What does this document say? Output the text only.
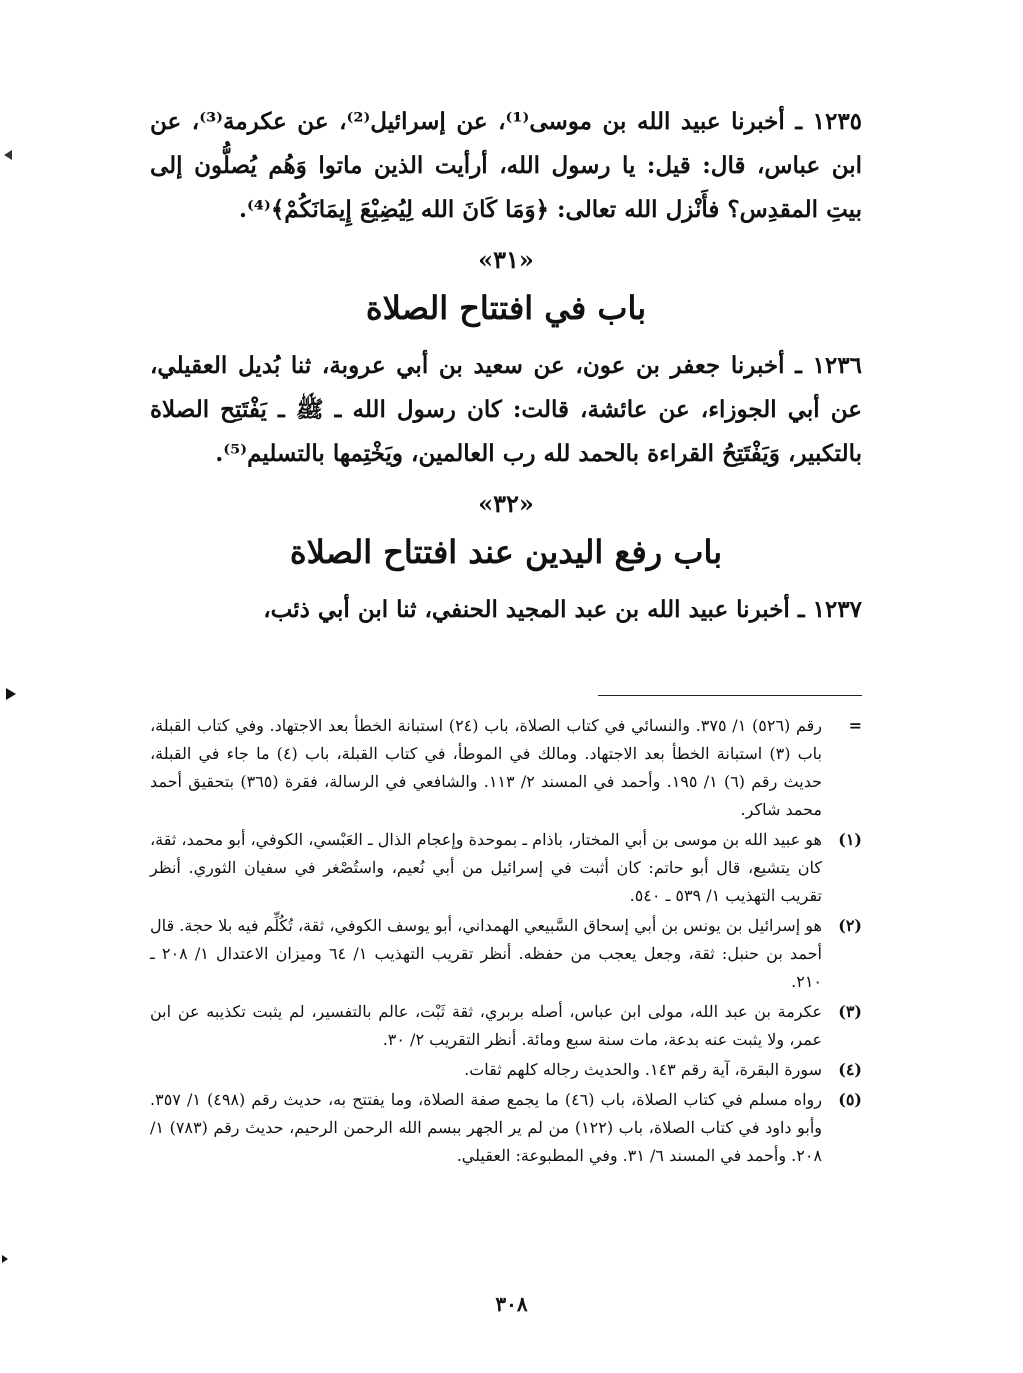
١٢٣٥ ـ أخبرنا عبيد الله بن موسى⁽¹⁾، عن إسرائيل⁽²⁾، عن عكرمة⁽³⁾، عن ابن عباس، قال: قيل: يا رسول الله، أرأيت الذين ماتوا وَهُم يُصلُّون إلى بيتِ المقدِس؟ فأَنْزل الله تعالى: ﴿وَمَا كَانَ الله لِيُضِيْعَ إِيمَانَكُمْ﴾⁽⁴⁾.

«٣١»
باب في افتتاح الصلاة

١٢٣٦ ـ أخبرنا جعفر بن عون، عن سعيد بن أبي عروبة، ثنا بُديل العقيلي، عن أبي الجوزاء، عن عائشة، قالت: كان رسول الله ـ ﷺ ـ يَفْتَتِح الصلاة بالتكبير، وَيَفْتَتِحُ القراءة بالحمد لله رب العالمين، ويَخْتِمها بالتسليم⁽⁵⁾.

«٣٢»
باب رفع اليدين عند افتتاح الصلاة

١٢٣٧ ـ أخبرنا عبيد الله بن عبد المجيد الحنفي، ثنا ابن أبي ذئب،

=
رقم (٥٢٦) ١/ ٣٧٥. والنسائي في كتاب الصلاة، باب (٢٤) استبانة الخطأ بعد الاجتهاد. وفي كتاب القبلة، باب (٣) استبانة الخطأ بعد الاجتهاد. ومالك في الموطأ، في كتاب القبلة، باب (٤) ما جاء في القبلة، حديث رقم (٦) ١/ ١٩٥. وأحمد في المسند ٢/ ١١٣. والشافعي في الرسالة، فقرة (٣٦٥) بتحقيق أحمد محمد شاكر.
(١)
هو عبيد الله بن موسى بن أبي المختار، باذام ـ بموحدة وإعجام الذال ـ العَبْسي، الكوفي، أبو محمد، ثقة، كان يتشيع، قال أبو حاتم: كان أثبت في إسرائيل من أبي نُعيم، واستُصْغر في سفيان الثوري. أنظر تقريب التهذيب ١/ ٥٣٩ ـ ٥٤٠.
(٢)
هو إسرائيل بن يونس بن أبي إسحاق السَّبيعي الهمداني، أبو يوسف الكوفي، ثقة، تُكُلِّم فيه بلا حجة. قال أحمد بن حنبل: ثقة، وجعل يعجب من حفظه. أنظر تقريب التهذيب ١/ ٦٤ وميزان الاعتدال ١/ ٢٠٨ ـ ٢١٠.
(٣)
عكرمة بن عبد الله، مولى ابن عباس، أصله بربري، ثقة ثَبْت، عالم بالتفسير، لم يثبت تكذيبه عن ابن عمر، ولا يثبت عنه بدعة، مات سنة سبع ومائة. أنظر التقريب ٢/ ٣٠.
(٤)
سورة البقرة، آية رقم ١٤٣. والحديث رجاله كلهم ثقات.
(٥)
رواه مسلم في كتاب الصلاة، باب (٤٦) ما يجمع صفة الصلاة، وما يفتتح به، حديث رقم (٤٩٨) ١/ ٣٥٧. وأبو داود في كتاب الصلاة، باب (١٢٢) من لم ير الجهر ببسم الله الرحمن الرحيم، حديث رقم (٧٨٣) ١/ ٢٠٨. وأحمد في المسند ٦/ ٣١. وفي المطبوعة: العقيلي.
٣٠٨
